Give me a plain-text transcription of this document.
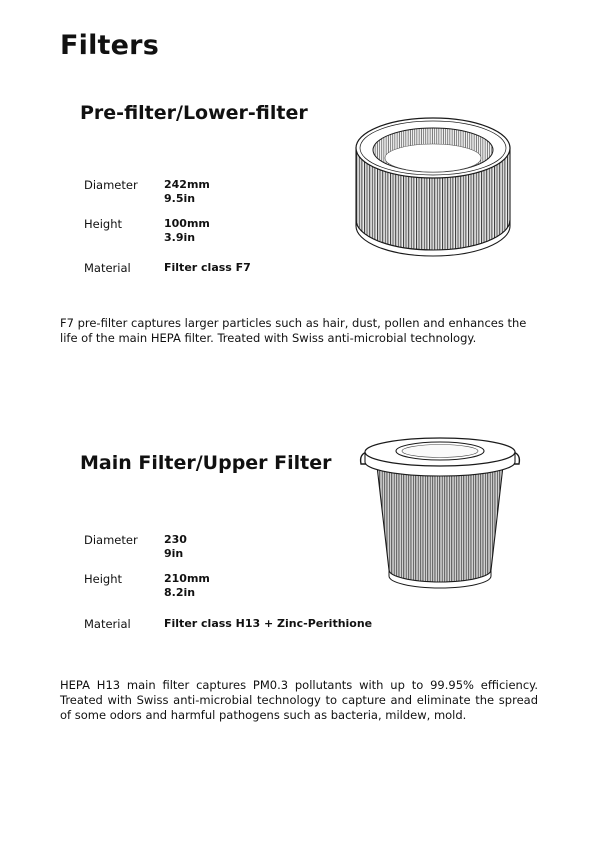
Filters
Pre-filter/Lower-filter
Diameter 242mm
9.5in
Height	100mm
3.9in
Material	Filter class F7

F7 pre-filter captures larger particles such as hair, dust, pollen and enhances the life of the main HEPA filter. Treated with Swiss anti-microbial technology.

Main Filter/Upper Filter
Diameter 230
9in
Height	210mm
8.2in
Material	Filter class H13 + Zinc-Perithione

HEPA H13 main filter captures PM0.3 pollutants with up to 99.95% efficiency. Treated with Swiss anti-microbial technology to capture and eliminate the spread of some odors and harmful pathogens such as bacteria, mildew, mold.
